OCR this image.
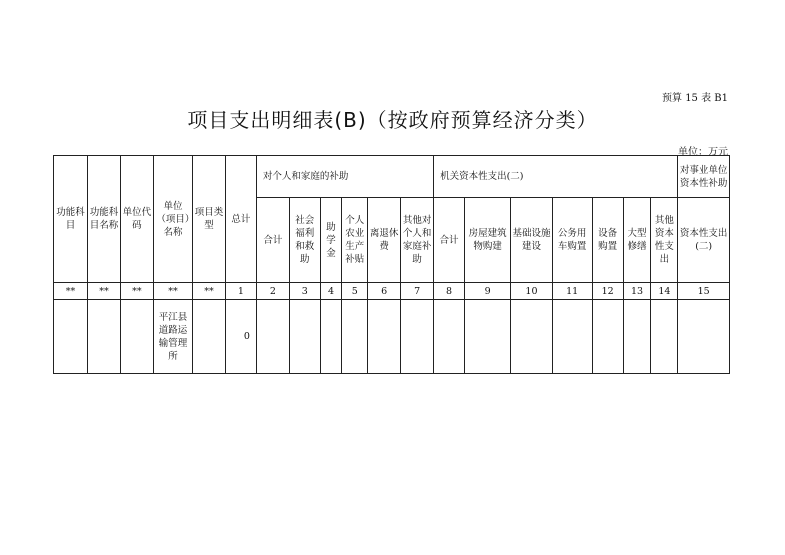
预算 15 表 B1
项目支出明细表(B)（按政府预算经济分类）
单位：万元
功能科目	功能科目名称	单位代码	单位（项目）名称	项目类型	总计	对个人和家庭的补助						机关资本性支出(二)							对事业单位资本性补助
						合计	社会福利和救助	助学金	个人农业生产补贴	离退休费	其他对个人和家庭补助	合计	房屋建筑物购建	基础设施建设	公务用车购置	设备购置	大型修缮	其他资本性支出	资本性支出(二)
**	**	**	**	**	1	2	3	4	5	6	7	8	9	10	11	12	13	14	15
			平江县道路运输管理所		0														
